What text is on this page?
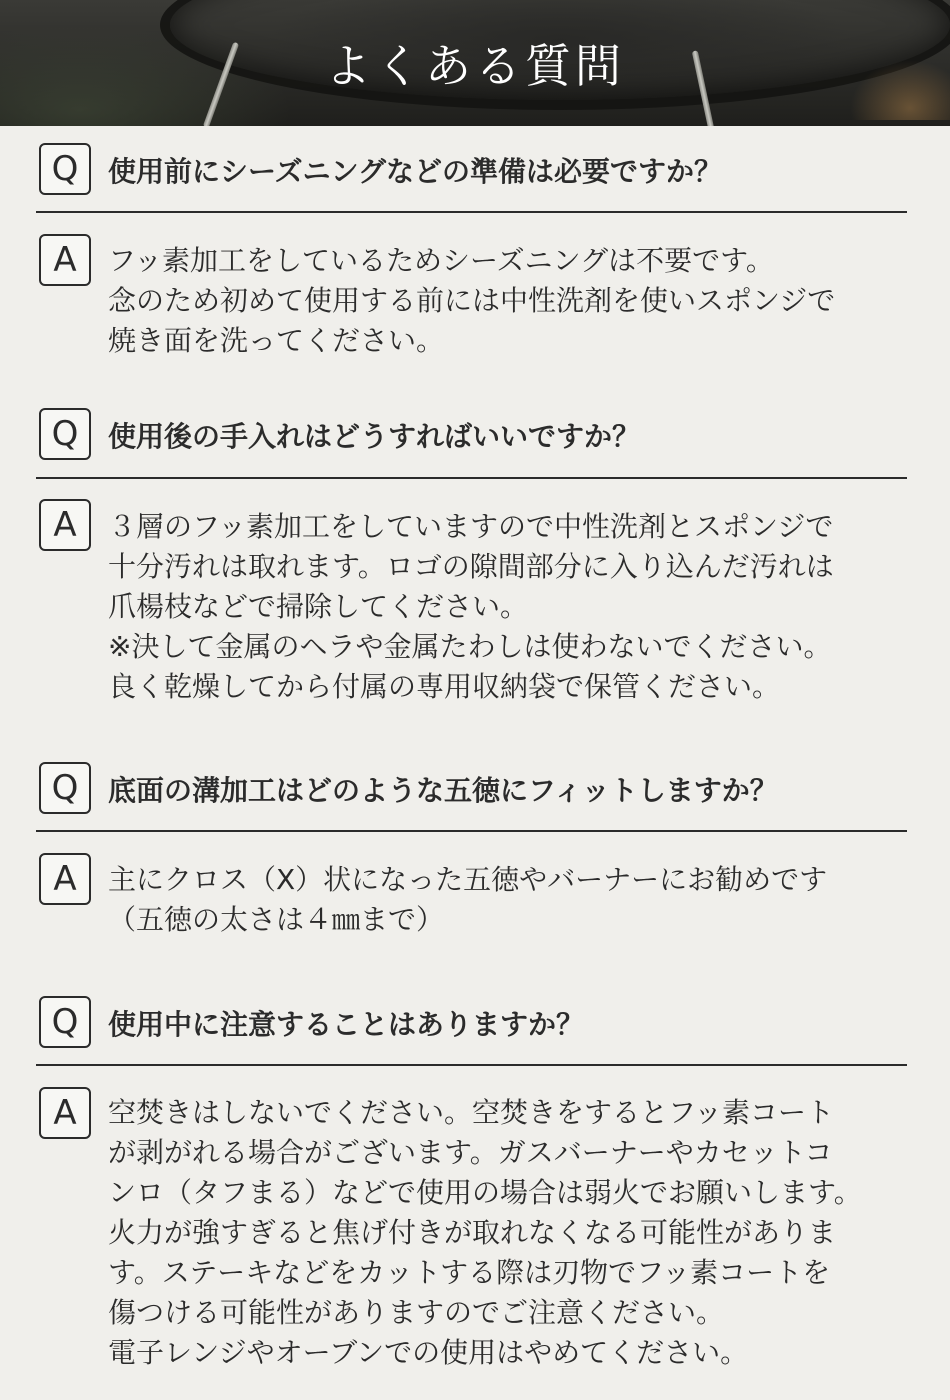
よくある質問
Q	使用前にシーズニングなどの準備は必要ですか？
A	フッ素加工をしているためシーズニングは不要です。
念のため初めて使用する前には中性洗剤を使いスポンジで
焼き面を洗ってください。
Q	使用後の手入れはどうすればいいですか？
A	３層のフッ素加工をしていますので中性洗剤とスポンジで
十分汚れは取れます。ロゴの隙間部分に入り込んだ汚れは
爪楊枝などで掃除してください。
※決して金属のヘラや金属たわしは使わないでください。
良く乾燥してから付属の専用収納袋で保管ください。
Q	底面の溝加工はどのような五徳にフィットしますか？
A	主にクロス（X）状になった五徳やバーナーにお勧めです
（五徳の太さは４㎜まで）
Q	使用中に注意することはありますか？
A	空焚きはしないでください。空焚きをするとフッ素コート
が剥がれる場合がございます。ガスバーナーやカセットコ
ンロ（タフまる）などで使用の場合は弱火でお願いします。
火力が強すぎると焦げ付きが取れなくなる可能性がありま
す。ステーキなどをカットする際は刃物でフッ素コートを
傷つける可能性がありますのでご注意ください。
電子レンジやオーブンでの使用はやめてください。
